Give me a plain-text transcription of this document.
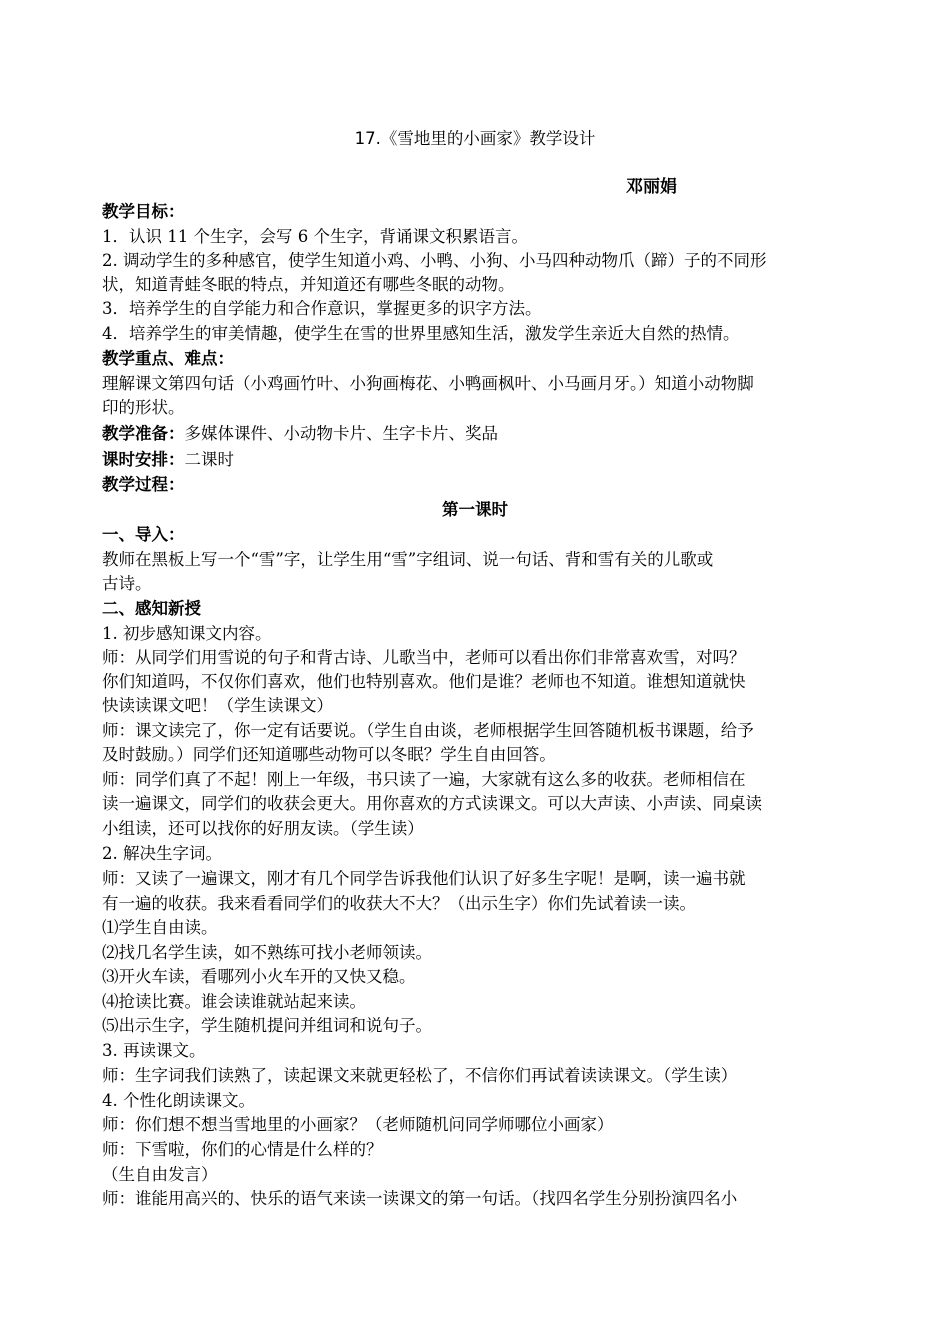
17.《雪地里的小画家》教学设计
邓丽娟
教学目标：
1．认识 11 个生字，会写 6 个生字，背诵课文积累语言。
2. 调动学生的多种感官，使学生知道小鸡、小鸭、小狗、小马四种动物爪（蹄）子的不同形
状，知道青蛙冬眠的特点，并知道还有哪些冬眠的动物。
3．培养学生的自学能力和合作意识，掌握更多的识字方法。
4．培养学生的审美情趣，使学生在雪的世界里感知生活，激发学生亲近大自然的热情。
教学重点、难点：
理解课文第四句话（小鸡画竹叶、小狗画梅花、小鸭画枫叶、小马画月牙。）知道小动物脚
印的形状。
教学准备：多媒体课件、小动物卡片、生字卡片、奖品
课时安排：二课时
教学过程：
第一课时
一、导入：
教师在黑板上写一个“雪”字，让学生用“雪”字组词、说一句话、背和雪有关的儿歌或
古诗。
二、感知新授
1. 初步感知课文内容。
师：从同学们用雪说的句子和背古诗、儿歌当中，老师可以看出你们非常喜欢雪，对吗？
你们知道吗，不仅你们喜欢，他们也特别喜欢。他们是谁？老师也不知道。谁想知道就快
快读读课文吧！（学生读课文）
师：课文读完了，你一定有话要说。（学生自由谈，老师根据学生回答随机板书课题，给予
及时鼓励。）同学们还知道哪些动物可以冬眠？学生自由回答。
师：同学们真了不起！刚上一年级，书只读了一遍，大家就有这么多的收获。老师相信在
读一遍课文，同学们的收获会更大。用你喜欢的方式读课文。可以大声读、小声读、同桌读
小组读，还可以找你的好朋友读。（学生读）
2. 解决生字词。
师：又读了一遍课文，刚才有几个同学告诉我他们认识了好多生字呢！是啊，读一遍书就
有一遍的收获。我来看看同学们的收获大不大？（出示生字）你们先试着读一读。
⑴学生自由读。
⑵找几名学生读，如不熟练可找小老师领读。
⑶开火车读，看哪列小火车开的又快又稳。
⑷抢读比赛。谁会读谁就站起来读。
⑸出示生字，学生随机提问并组词和说句子。
3. 再读课文。
师：生字词我们读熟了，读起课文来就更轻松了，不信你们再试着读读课文。（学生读）
4. 个性化朗读课文。
师：你们想不想当雪地里的小画家？（老师随机问同学师哪位小画家）
师：下雪啦，你们的心情是什么样的？
（生自由发言）
师：谁能用高兴的、快乐的语气来读一读课文的第一句话。（找四名学生分别扮演四名小
